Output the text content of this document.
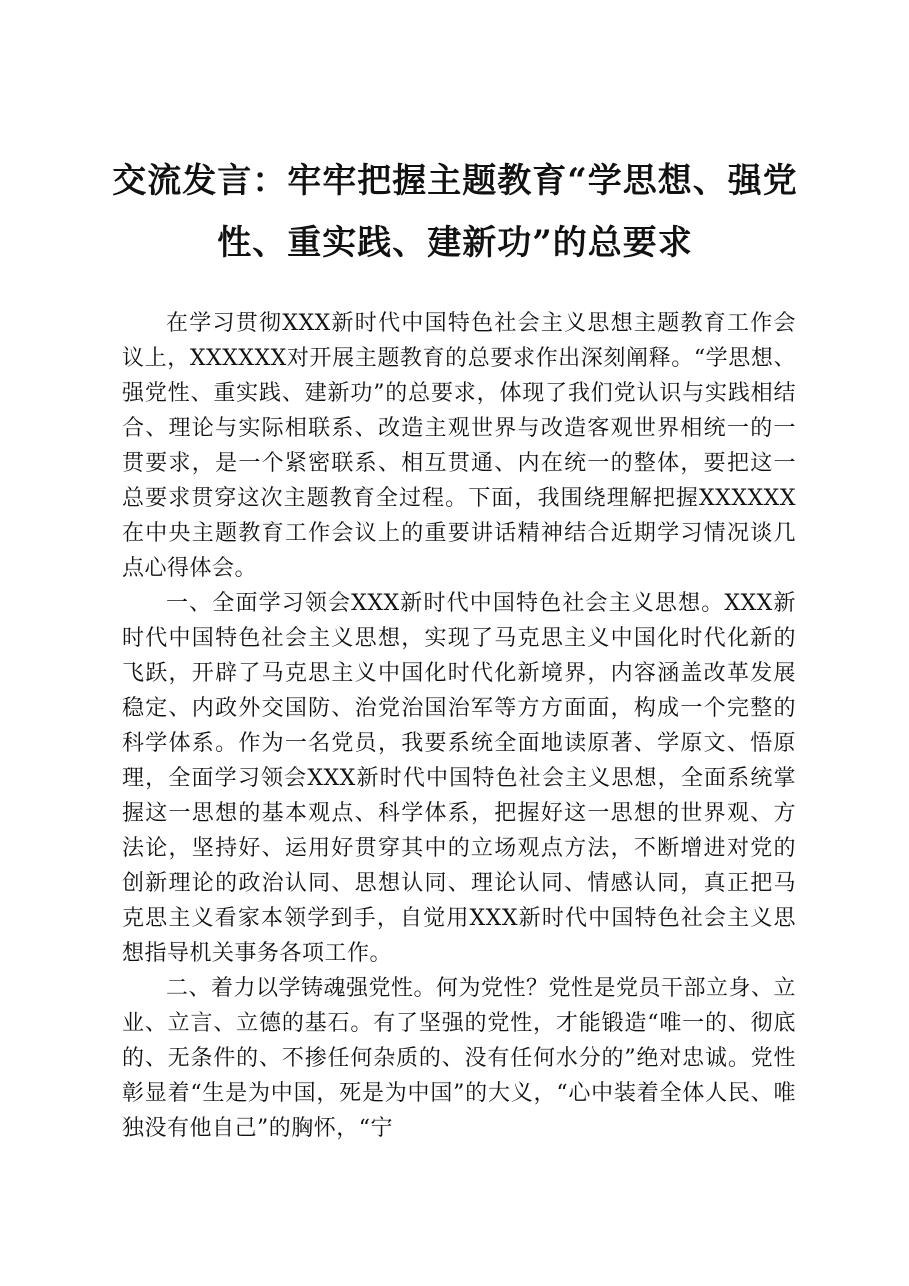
交流发言：牢牢把握主题教育“学思想、强党性、重实践、建新功”的总要求

在学习贯彻XXX新时代中国特色社会主义思想主题教育工作会议上，XXXXXX对开展主题教育的总要求作出深刻阐释。“学思想、强党性、重实践、建新功”的总要求，体现了我们党认识与实践相结合、理论与实际相联系、改造主观世界与改造客观世界相统一的一贯要求，是一个紧密联系、相互贯通、内在统一的整体，要把这一总要求贯穿这次主题教育全过程。下面，我围绕理解把握XXXXXX在中央主题教育工作会议上的重要讲话精神结合近期学习情况谈几点心得体会。

一、全面学习领会XXX新时代中国特色社会主义思想。XXX新时代中国特色社会主义思想，实现了马克思主义中国化时代化新的飞跃，开辟了马克思主义中国化时代化新境界，内容涵盖改革发展稳定、内政外交国防、治党治国治军等方方面面，构成一个完整的科学体系。作为一名党员，我要系统全面地读原著、学原文、悟原理，全面学习领会XXX新时代中国特色社会主义思想，全面系统掌握这一思想的基本观点、科学体系，把握好这一思想的世界观、方法论，坚持好、运用好贯穿其中的立场观点方法，不断增进对党的创新理论的政治认同、思想认同、理论认同、情感认同，真正把马克思主义看家本领学到手，自觉用XXX新时代中国特色社会主义思想指导机关事务各项工作。

二、着力以学铸魂强党性。何为党性？党性是党员干部立身、立业、立言、立德的基石。有了坚强的党性，才能锻造“唯一的、彻底的、无条件的、不掺任何杂质的、没有任何水分的”绝对忠诚。党性彰显着“生是为中国，死是为中国”的大义，“心中装着全体人民、唯独没有他自己”的胸怀，“宁
